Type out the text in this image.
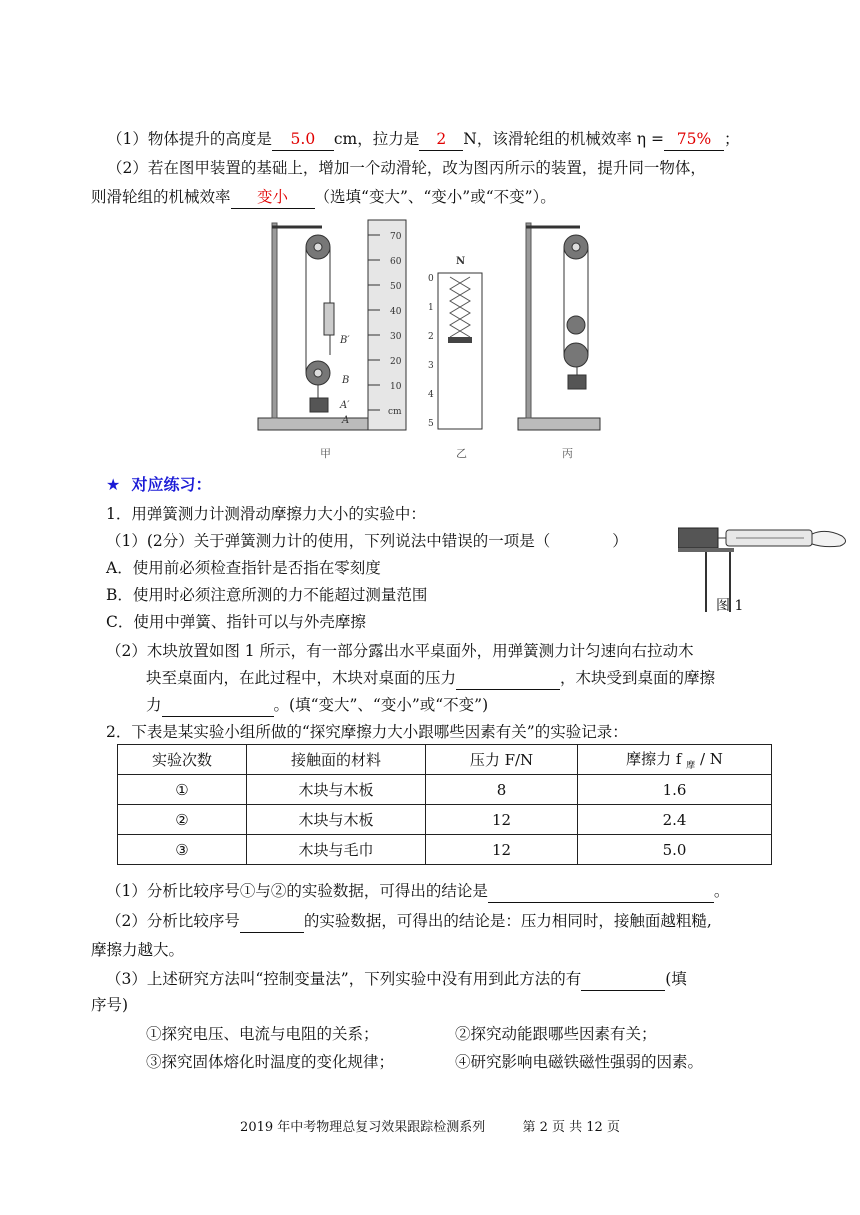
（1）物体提升的高度是 5.0 cm，拉力是 2 N，该滑轮组的机械效率 η = 75% ；
（2）若在图甲装置的基础上，增加一个动滑轮，改为图丙所示的装置，提升同一物体，
则滑轮组的机械效率 变小 （选填“变大”、“变小”或“不变”）。
70
60
50
40
30
20
10
cm
B′
B
A′
A
N
0
1
2
3
4
5
甲	乙	丙
★ 对应练习：
1．用弹簧测力计测滑动摩擦力大小的实验中：
（1）(2分）关于弹簧测力计的使用，下列说法中错误的一项是（　　　　）
A．使用前必须检查指针是否指在零刻度
B．使用时必须注意所测的力不能超过测量范围
C．使用中弹簧、指针可以与外壳摩擦
图 1
（2）木块放置如图 1 所示，有一部分露出水平桌面外，用弹簧测力计匀速向右拉动木
块至桌面内，在此过程中，木块对桌面的压力	，木块受到桌面的摩擦
力	。(填“变大”、“变小”或“不变”)
2．下表是某实验小组所做的“探究摩擦力大小跟哪些因素有关”的实验记录：
实验次数	接触面的材料	压力 F/N	摩擦力 f $_摩$ / N
①	木块与木板	8	1.6
②	木块与木板	12	2.4
③	木块与毛巾	12	5.0
（1）分析比较序号①与②的实验数据，可得出的结论是	。
（2）分析比较序号	的实验数据，可得出的结论是：压力相同时，接触面越粗糙,
摩擦力越大。
（3）上述研究方法叫“控制变量法”，下列实验中没有用到此方法的有	(填
序号)
①探究电压、电流与电阻的关系；	②探究动能跟哪些因素有关；
③探究固体熔化时温度的变化规律；	④研究影响电磁铁磁性强弱的因素。
2019 年中考物理总复习效果跟踪检测系列	第 2 页 共 12 页
